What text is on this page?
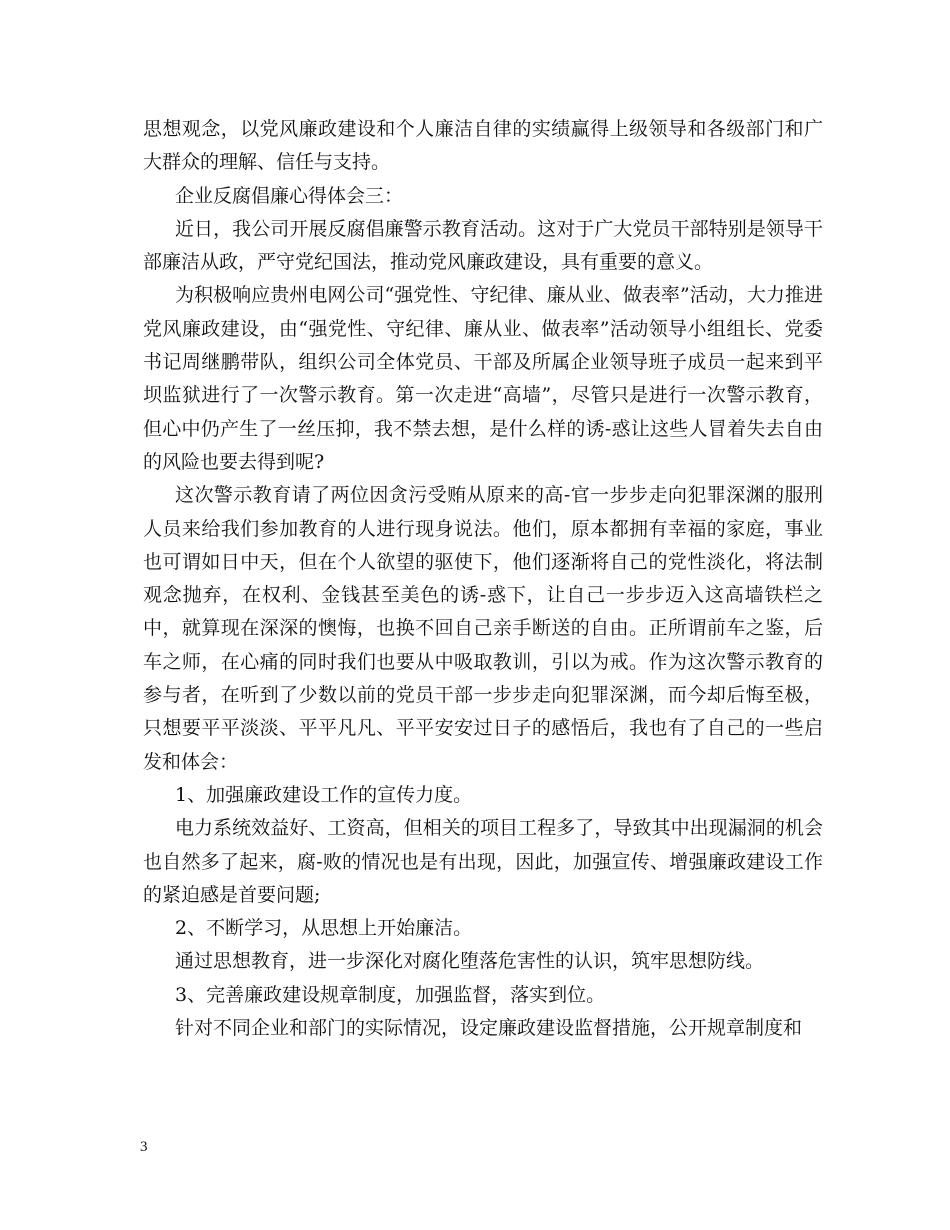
思想观念，以党风廉政建设和个人廉洁自律的实绩赢得上级领导和各级部门和广大群众的理解、信任与支持。

企业反腐倡廉心得体会三：

近日，我公司开展反腐倡廉警示教育活动。这对于广大党员干部特别是领导干部廉洁从政，严守党纪国法，推动党风廉政建设，具有重要的意义。

为积极响应贵州电网公司“强党性、守纪律、廉从业、做表率”活动，大力推进党风廉政建设，由“强党性、守纪律、廉从业、做表率”活动领导小组组长、党委书记周继鹏带队，组织公司全体党员、干部及所属企业领导班子成员一起来到平坝监狱进行了一次警示教育。第一次走进“高墙”，尽管只是进行一次警示教育，但心中仍产生了一丝压抑，我不禁去想，是什么样的诱-惑让这些人冒着失去自由的风险也要去得到呢?

这次警示教育请了两位因贪污受贿从原来的高-官一步步走向犯罪深渊的服刑人员来给我们参加教育的人进行现身说法。他们，原本都拥有幸福的家庭，事业也可谓如日中天，但在个人欲望的驱使下，他们逐渐将自己的党性淡化，将法制观念抛弃，在权利、金钱甚至美色的诱-惑下，让自己一步步迈入这高墙铁栏之中，就算现在深深的懊悔，也换不回自己亲手断送的自由。正所谓前车之鉴，后车之师，在心痛的同时我们也要从中吸取教训，引以为戒。作为这次警示教育的参与者，在听到了少数以前的党员干部一步步走向犯罪深渊，而今却后悔至极，只想要平平淡淡、平平凡凡、平平安安过日子的感悟后，我也有了自己的一些启发和体会：

1、加强廉政建设工作的宣传力度。

电力系统效益好、工资高，但相关的项目工程多了，导致其中出现漏洞的机会也自然多了起来，腐-败的情况也是有出现，因此，加强宣传、增强廉政建设工作的紧迫感是首要问题;

2、不断学习，从思想上开始廉洁。

通过思想教育，进一步深化对腐化堕落危害性的认识，筑牢思想防线。

3、完善廉政建设规章制度，加强监督，落实到位。

针对不同企业和部门的实际情况，设定廉政建设监督措施，公开规章制度和

3
